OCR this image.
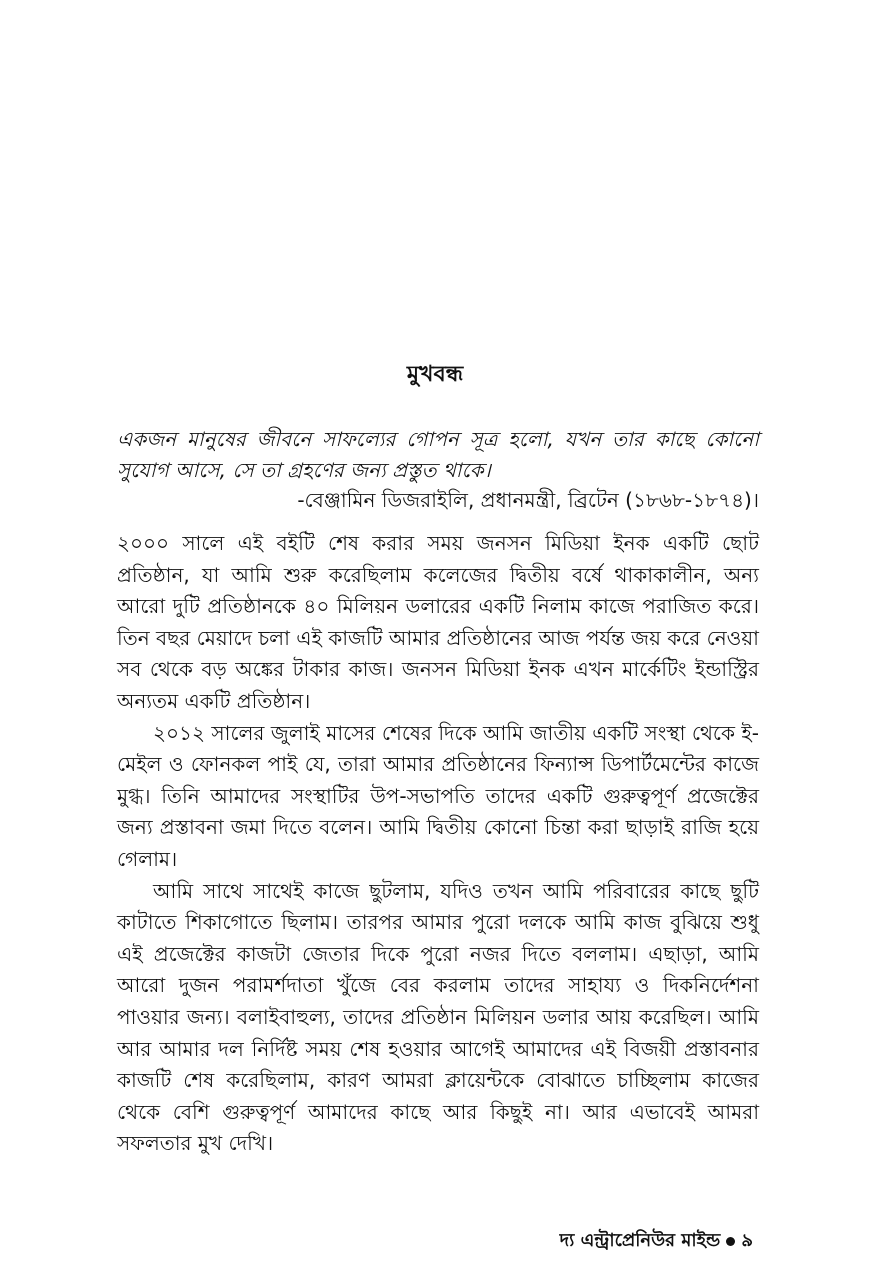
মুখবন্ধ
একজন মানুষের জীবনে সাফল্যের গোপন সূত্র হলো, যখন তার কাছে কোনো সুযোগ আসে, সে তা গ্রহণের জন্য প্রস্তুত থাকে।
-বেঞ্জামিন ডিজরাইলি, প্রধানমন্ত্রী, ব্রিটেন (১৮৬৮-১৮৭৪)।

২০০০ সালে এই বইটি শেষ করার সময় জনসন মিডিয়া ইনক একটি ছোট প্রতিষ্ঠান, যা আমি শুরু করেছিলাম কলেজের দ্বিতীয় বর্ষে থাকাকালীন, অন্য আরো দুটি প্রতিষ্ঠানকে ৪০ মিলিয়ন ডলারের একটি নিলাম কাজে পরাজিত করে। তিন বছর মেয়াদে চলা এই কাজটি আমার প্রতিষ্ঠানের আজ পর্যন্ত জয় করে নেওয়া সব থেকে বড় অঙ্কের টাকার কাজ। জনসন মিডিয়া ইনক এখন মার্কেটিং ইন্ডাস্ট্রির অন্যতম একটি প্রতিষ্ঠান।

২০১২ সালের জুলাই মাসের শেষের দিকে আমি জাতীয় একটি সংস্থা থেকে ই-মেইল ও ফোনকল পাই যে, তারা আমার প্রতিষ্ঠানের ফিন্যান্স ডিপার্টমেন্টের কাজে মুগ্ধ। তিনি আমাদের সংস্থাটির উপ-সভাপতি তাদের একটি গুরুত্বপূর্ণ প্রজেক্টের জন্য প্রস্তাবনা জমা দিতে বলেন। আমি দ্বিতীয় কোনো চিন্তা করা ছাড়াই রাজি হয়ে গেলাম।

আমি সাথে সাথেই কাজে ছুটলাম, যদিও তখন আমি পরিবারের কাছে ছুটি কাটাতে শিকাগোতে ছিলাম। তারপর আমার পুরো দলকে আমি কাজ বুঝিয়ে শুধু এই প্রজেক্টের কাজটা জেতার দিকে পুরো নজর দিতে বললাম। এছাড়া, আমি আরো দুজন পরামর্শদাতা খুঁজে বের করলাম তাদের সাহায্য ও দিকনির্দেশনা পাওয়ার জন্য। বলাইবাহুল্য, তাদের প্রতিষ্ঠান মিলিয়ন ডলার আয় করেছিল। আমি আর আমার দল নির্দিষ্ট সময় শেষ হওয়ার আগেই আমাদের এই বিজয়ী প্রস্তাবনার কাজটি শেষ করেছিলাম, কারণ আমরা ক্লায়েন্টকে বোঝাতে চাচ্ছিলাম কাজের থেকে বেশি গুরুত্বপূর্ণ আমাদের কাছে আর কিছুই না। আর এভাবেই আমরা সফলতার মুখ দেখি।

দ্য এন্ট্রাপ্রেনিউর মাইন্ড ৯
